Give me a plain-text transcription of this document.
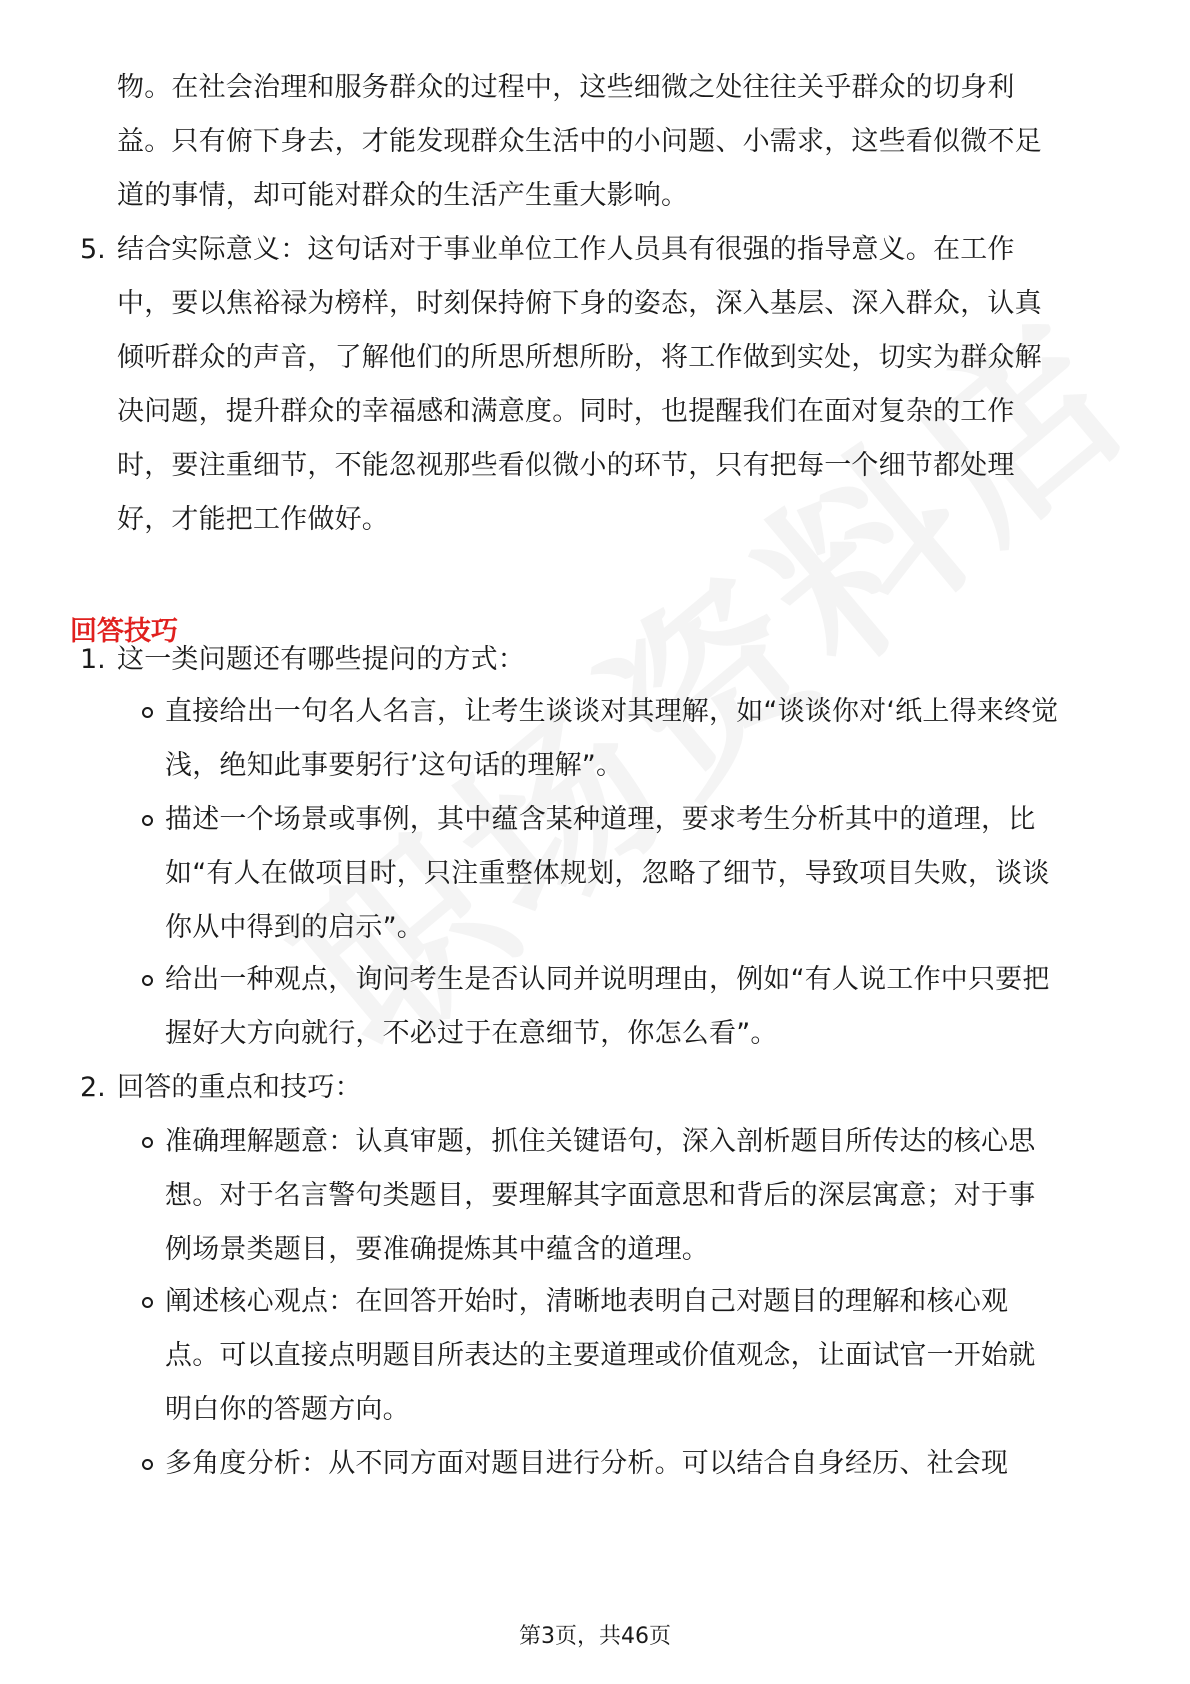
物。在社会治理和服务群众的过程中，这些细微之处往往关乎群众的切身利
益。只有俯下身去，才能发现群众生活中的小问题、小需求，这些看似微不足
道的事情，却可能对群众的生活产生重大影响。
5. 结合实际意义：这句话对于事业单位工作人员具有很强的指导意义。在工作
中，要以焦裕禄为榜样，时刻保持俯下身的姿态，深入基层、深入群众，认真
倾听群众的声音，了解他们的所思所想所盼，将工作做到实处，切实为群众解
决问题，提升群众的幸福感和满意度。同时，也提醒我们在面对复杂的工作
时，要注重细节，不能忽视那些看似微小的环节，只有把每一个细节都处理
好，才能把工作做好。
回答技巧
1. 这一类问题还有哪些提问的方式：
直接给出一句名人名言，让考生谈谈对其理解，如“谈谈你对‘纸上得来终觉
浅，绝知此事要躬行’这句话的理解”。
描述一个场景或事例，其中蕴含某种道理，要求考生分析其中的道理，比
如“有人在做项目时，只注重整体规划，忽略了细节，导致项目失败，谈谈
你从中得到的启示”。
给出一种观点，询问考生是否认同并说明理由，例如“有人说工作中只要把
握好大方向就行，不必过于在意细节，你怎么看”。
2. 回答的重点和技巧：
准确理解题意：认真审题，抓住关键语句，深入剖析题目所传达的核心思
想。对于名言警句类题目，要理解其字面意思和背后的深层寓意；对于事
例场景类题目，要准确提炼其中蕴含的道理。
阐述核心观点：在回答开始时，清晰地表明自己对题目的理解和核心观
点。可以直接点明题目所表达的主要道理或价值观念，让面试官一开始就
明白你的答题方向。
多角度分析：从不同方面对题目进行分析。可以结合自身经历、社会现
第3页，共46页
